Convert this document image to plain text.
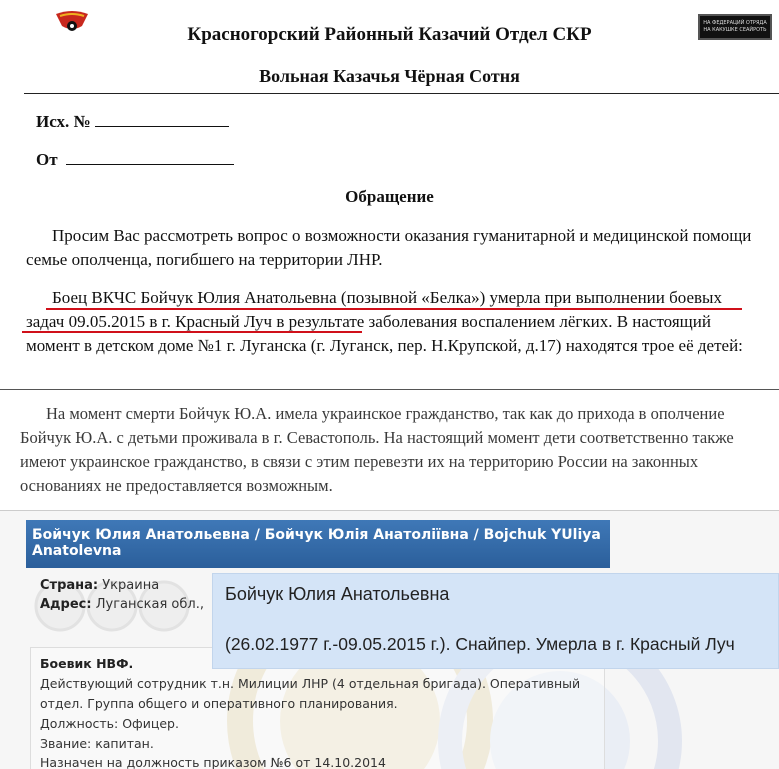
НА ФЕДЕРАЦИЙ ОТРЯДА НА КАКУШКЕ СЕАЙРОТЬ
Красногорский Районный Казачий Отдел СКР
Вольная Казачья Чёрная Сотня
Исх. №
От
Обращение
Просим Вас рассмотреть вопрос о возможности оказания гуманитарной и медицинской помощи семье ополченца, погибшего на территории ЛНР.
Боец ВКЧС Бойчук Юлия Анатольевна (позывной «Белка») умерла при выполнении боевых задач 09.05.2015 в г. Красный Луч в результате заболевания воспалением лёгких. В настоящий момент в детском доме №1 г. Луганска (г. Луганск, пер. Н.Крупской, д.17) находятся трое её детей:
На момент смерти Бойчук Ю.А. имела украинское гражданство, так как до прихода в ополчение Бойчук Ю.А. с детьми проживала в г. Севастополь. На настоящий момент дети соответственно также имеют украинское гражданство, в связи с этим перевезти их на территорию России на законных основаниях не предоставляется возможным.
Бойчук Юлия Анатольевна / Бойчук Юлія Анатоліївна / Bojchuk YUliya Anatolevna
Страна: Украина
Адрес: Луганская обл.,
Боевик НВФ.
Действующий сотрудник т.н. Милиции ЛНР (4 отдельная бригада). Оперативный
отдел. Группа общего и оперативного планирования.
Должность: Офицер.
Звание: капитан.
Назначен на должность приказом №6 от 14.10.2014
Бойчук Юлия Анатольевна
(26.02.1977 г.-09.05.2015 г.). Снайпер. Умерла в г. Красный Луч
